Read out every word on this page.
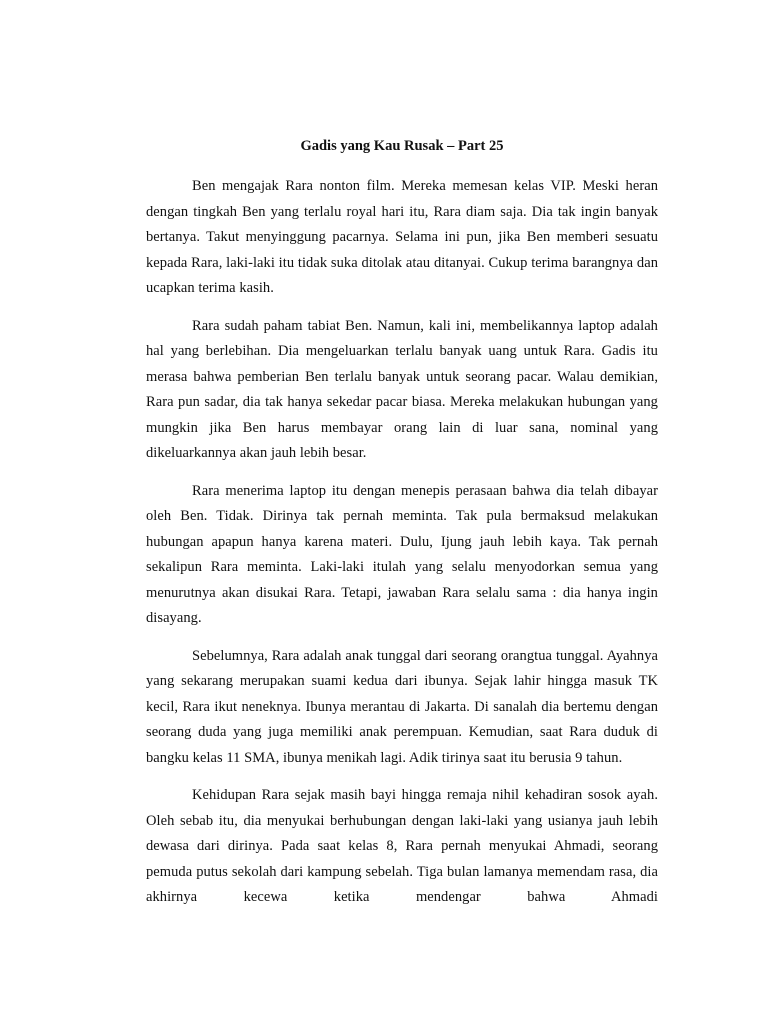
Gadis yang Kau Rusak – Part 25

Ben mengajak Rara nonton film. Mereka memesan kelas VIP. Meski heran dengan tingkah Ben yang terlalu royal hari itu, Rara diam saja. Dia tak ingin banyak bertanya. Takut menyinggung pacarnya. Selama ini pun, jika Ben memberi sesuatu kepada Rara, laki-laki itu tidak suka ditolak atau ditanyai. Cukup terima barangnya dan ucapkan terima kasih.

Rara sudah paham tabiat Ben. Namun, kali ini, membelikannya laptop adalah hal yang berlebihan. Dia mengeluarkan terlalu banyak uang untuk Rara. Gadis itu merasa bahwa pemberian Ben terlalu banyak untuk seorang pacar. Walau demikian, Rara pun sadar, dia tak hanya sekedar pacar biasa. Mereka melakukan hubungan yang mungkin jika Ben harus membayar orang lain di luar sana, nominal yang dikeluarkannya akan jauh lebih besar.

Rara menerima laptop itu dengan menepis perasaan bahwa dia telah dibayar oleh Ben. Tidak. Dirinya tak pernah meminta. Tak pula bermaksud melakukan hubungan apapun hanya karena materi. Dulu, Ijung jauh lebih kaya. Tak pernah sekalipun Rara meminta. Laki-laki itulah yang selalu menyodorkan semua yang menurutnya akan disukai Rara. Tetapi, jawaban Rara selalu sama : dia hanya ingin disayang.

Sebelumnya, Rara adalah anak tunggal dari seorang orangtua tunggal. Ayahnya yang sekarang merupakan suami kedua dari ibunya. Sejak lahir hingga masuk TK kecil, Rara ikut neneknya. Ibunya merantau di Jakarta. Di sanalah dia bertemu dengan seorang duda yang juga memiliki anak perempuan. Kemudian, saat Rara duduk di bangku kelas 11 SMA, ibunya menikah lagi. Adik tirinya saat itu berusia 9 tahun.

Kehidupan Rara sejak masih bayi hingga remaja nihil kehadiran sosok ayah. Oleh sebab itu, dia menyukai berhubungan dengan laki-laki yang usianya jauh lebih dewasa dari dirinya. Pada saat kelas 8, Rara pernah menyukai Ahmadi, seorang pemuda putus sekolah dari kampung sebelah. Tiga bulan lamanya memendam rasa, dia akhirnya kecewa ketika mendengar bahwa Ahmadi
